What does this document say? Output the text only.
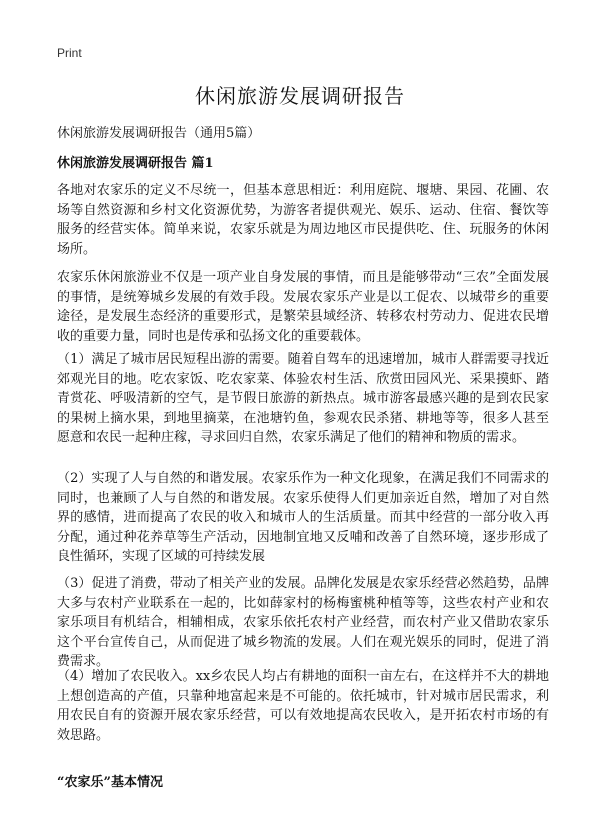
Print
休闲旅游发展调研报告

休闲旅游发展调研报告（通用5篇）

休闲旅游发展调研报告 篇1

各地对农家乐的定义不尽统一，但基本意思相近：利用庭院、堰塘、果园、花圃、农场等自然资源和乡村文化资源优势，为游客者提供观光、娱乐、运动、住宿、餐饮等服务的经营实体。简单来说，农家乐就是为周边地区市民提供吃、住、玩服务的休闲场所。

农家乐休闲旅游业不仅是一项产业自身发展的事情，而且是能够带动“三农”全面发展的事情，是统筹城乡发展的有效手段。发展农家乐产业是以工促农、以城带乡的重要途径，是发展生态经济的重要形式，是繁荣县域经济、转移农村劳动力、促进农民增收的重要力量，同时也是传承和弘扬文化的重要载体。

（1）满足了城市居民短程出游的需要。随着自驾车的迅速增加，城市人群需要寻找近郊观光目的地。吃农家饭、吃农家菜、体验农村生活、欣赏田园风光、采果摸虾、踏青赏花、呼吸清新的空气，是节假日旅游的新热点。城市游客最感兴趣的是到农民家的果树上摘水果，到地里摘菜，在池塘钓鱼，参观农民杀猪、耕地等等，很多人甚至愿意和农民一起种庄稼，寻求回归自然，农家乐满足了他们的精神和物质的需求。

（2）实现了人与自然的和谐发展。农家乐作为一种文化现象，在满足我们不同需求的同时，也兼顾了人与自然的和谐发展。农家乐使得人们更加亲近自然，增加了对自然界的感情，进而提高了农民的收入和城市人的生活质量。而其中经营的一部分收入再分配，通过种花养草等生产活动，因地制宜地又反哺和改善了自然环境，逐步形成了良性循环，实现了区域的可持续发展

（3）促进了消费，带动了相关产业的发展。品牌化发展是农家乐经营必然趋势，品牌大多与农村产业联系在一起的，比如薛家村的杨梅蜜桃种植等等，这些农村产业和农家乐项目有机结合，相辅相成，农家乐依托农村产业经营，而农村产业又借助农家乐这个平台宣传自己，从而促进了城乡物流的发展。人们在观光娱乐的同时，促进了消费需求。

（4）增加了农民收入。xx乡农民人均占有耕地的面积一亩左右，在这样并不大的耕地上想创造高的产值，只靠种地富起来是不可能的。依托城市，针对城市居民需求，利用农民自有的资源开展农家乐经营，可以有效地提高农民收入，是开拓农村市场的有效思路。

“农家乐”基本情况
